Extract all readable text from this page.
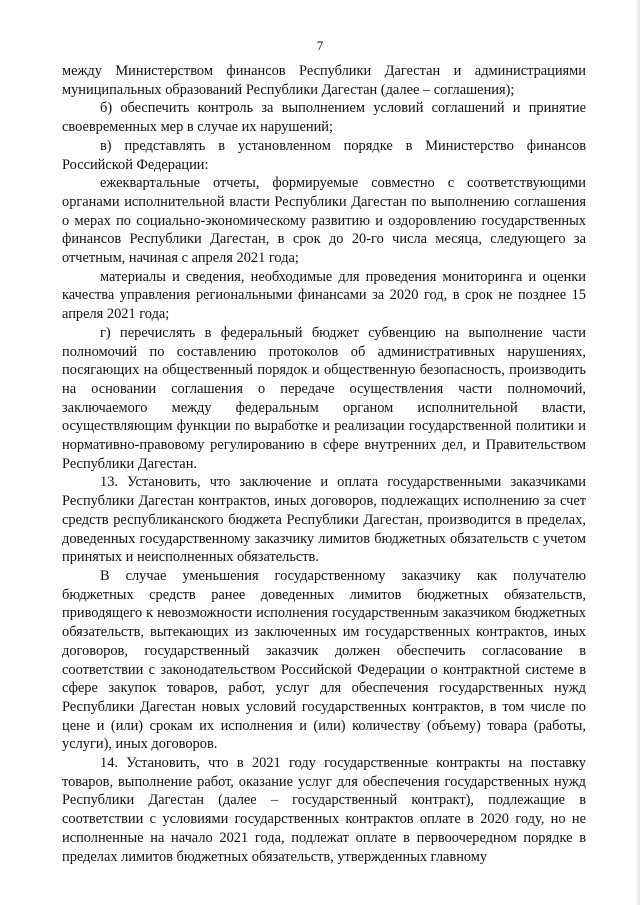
7

между Министерством финансов Республики Дагестан и администрациями муниципальных образований Республики Дагестан (далее – соглашения);

б) обеспечить контроль за выполнением условий соглашений и принятие своевременных мер в случае их нарушений;

в) представлять в установленном порядке в Министерство финансов Российской Федерации:

ежеквартальные отчеты, формируемые совместно с соответствующими органами исполнительной власти Республики Дагестан по выполнению соглашения о мерах по социально-экономическому развитию и оздоровлению государственных финансов Республики Дагестан, в срок до 20-го числа месяца, следующего за отчетным, начиная с апреля 2021 года;

материалы и сведения, необходимые для проведения мониторинга и оценки качества управления региональными финансами за 2020 год, в срок не позднее 15 апреля 2021 года;

г) перечислять в федеральный бюджет субвенцию на выполнение части полномочий по составлению протоколов об административных нарушениях, посягающих на общественный порядок и общественную безопасность, производить на основании соглашения о передаче осуществления части полномочий, заключаемого между федеральным органом исполнительной власти, осуществляющим функции по выработке и реализации государственной политики и нормативно-правовому регулированию в сфере внутренних дел, и Правительством Республики Дагестан.

13. Установить, что заключение и оплата государственными заказчиками Республики Дагестан контрактов, иных договоров, подлежащих исполнению за счет средств республиканского бюджета Республики Дагестан, производится в пределах, доведенных государственному заказчику лимитов бюджетных обязательств с учетом принятых и неисполненных обязательств.

В случае уменьшения государственному заказчику как получателю бюджетных средств ранее доведенных лимитов бюджетных обязательств, приводящего к невозможности исполнения государственным заказчиком бюджетных обязательств, вытекающих из заключенных им государственных контрактов, иных договоров, государственный заказчик должен обеспечить согласование в соответствии с законодательством Российской Федерации о контрактной системе в сфере закупок товаров, работ, услуг для обеспечения государственных нужд Республики Дагестан новых условий государственных контрактов, в том числе по цене и (или) срокам их исполнения и (или) количеству (объему) товара (работы, услуги), иных договоров.

14. Установить, что в 2021 году государственные контракты на поставку товаров, выполнение работ, оказание услуг для обеспечения государственных нужд Республики Дагестан (далее – государственный контракт), подлежащие в соответствии с условиями государственных контрактов оплате в 2020 году, но не исполненные на начало 2021 года, подлежат оплате в первоочередном порядке в пределах лимитов бюджетных обязательств, утвержденных главному
